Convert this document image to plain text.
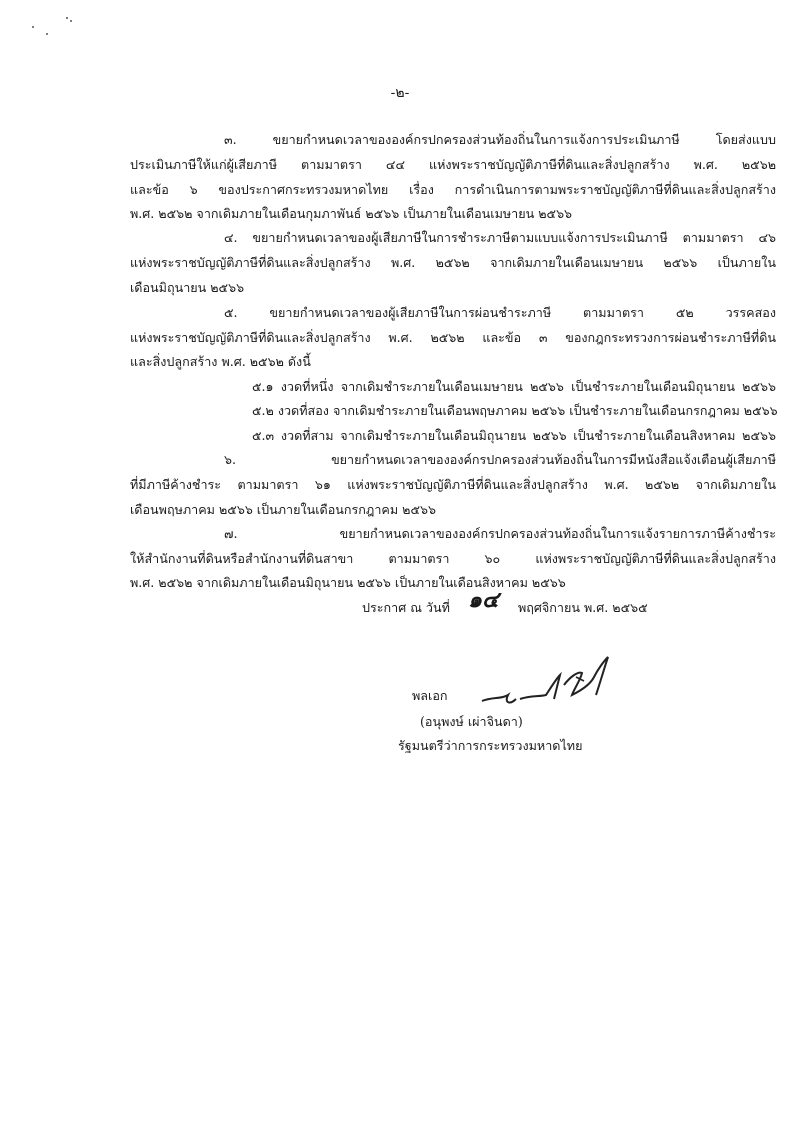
-๒-
๓. ขยายกำหนดเวลาขององค์กรปกครองส่วนท้องถิ่นในการแจ้งการประเมินภาษี โดยส่งแบบ
ประเมินภาษีให้แก่ผู้เสียภาษี ตามมาตรา ๔๔ แห่งพระราชบัญญัติภาษีที่ดินและสิ่งปลูกสร้าง พ.ศ. ๒๕๖๒
และข้อ ๖ ของประกาศกระทรวงมหาดไทย เรื่อง การดำเนินการตามพระราชบัญญัติภาษีที่ดินและสิ่งปลูกสร้าง
พ.ศ. ๒๕๖๒ จากเดิมภายในเดือนกุมภาพันธ์ ๒๕๖๖ เป็นภายในเดือนเมษายน ๒๕๖๖
๔. ขยายกำหนดเวลาของผู้เสียภาษีในการชำระภาษีตามแบบแจ้งการประเมินภาษี ตามมาตรา ๔๖
แห่งพระราชบัญญัติภาษีที่ดินและสิ่งปลูกสร้าง พ.ศ. ๒๕๖๒ จากเดิมภายในเดือนเมษายน ๒๕๖๖ เป็นภายใน
เดือนมิถุนายน ๒๕๖๖
๕. ขยายกำหนดเวลาของผู้เสียภาษีในการผ่อนชำระภาษี ตามมาตรา ๕๒ วรรคสอง
แห่งพระราชบัญญัติภาษีที่ดินและสิ่งปลูกสร้าง พ.ศ. ๒๕๖๒ และข้อ ๓ ของกฎกระทรวงการผ่อนชำระภาษีที่ดิน
และสิ่งปลูกสร้าง พ.ศ. ๒๕๖๒ ดังนี้
๕.๑ งวดที่หนึ่ง จากเดิมชำระภายในเดือนเมษายน ๒๕๖๖ เป็นชำระภายในเดือนมิถุนายน ๒๕๖๖
๕.๒ งวดที่สอง จากเดิมชำระภายในเดือนพฤษภาคม ๒๕๖๖ เป็นชำระภายในเดือนกรกฎาคม ๒๕๖๖
๕.๓ งวดที่สาม จากเดิมชำระภายในเดือนมิถุนายน ๒๕๖๖ เป็นชำระภายในเดือนสิงหาคม ๒๕๖๖
๖. ขยายกำหนดเวลาขององค์กรปกครองส่วนท้องถิ่นในการมีหนังสือแจ้งเตือนผู้เสียภาษี
ที่มีภาษีค้างชำระ ตามมาตรา ๖๑ แห่งพระราชบัญญัติภาษีที่ดินและสิ่งปลูกสร้าง พ.ศ. ๒๕๖๒ จากเดิมภายใน
เดือนพฤษภาคม ๒๕๖๖ เป็นภายในเดือนกรกฎาคม ๒๕๖๖
๗. ขยายกำหนดเวลาขององค์กรปกครองส่วนท้องถิ่นในการแจ้งรายการภาษีค้างชำระ
ให้สำนักงานที่ดินหรือสำนักงานที่ดินสาขา ตามมาตรา ๖๐ แห่งพระราชบัญญัติภาษีที่ดินและสิ่งปลูกสร้าง
พ.ศ. ๒๕๖๒ จากเดิมภายในเดือนมิถุนายน ๒๕๖๖ เป็นภายในเดือนสิงหาคม ๒๕๖๖
ประกาศ ณ วันที่ ๑๔ พฤศจิกายน พ.ศ. ๒๕๖๕
พลเอก
(อนุพงษ์ เผ่าจินดา)
รัฐมนตรีว่าการกระทรวงมหาดไทย
